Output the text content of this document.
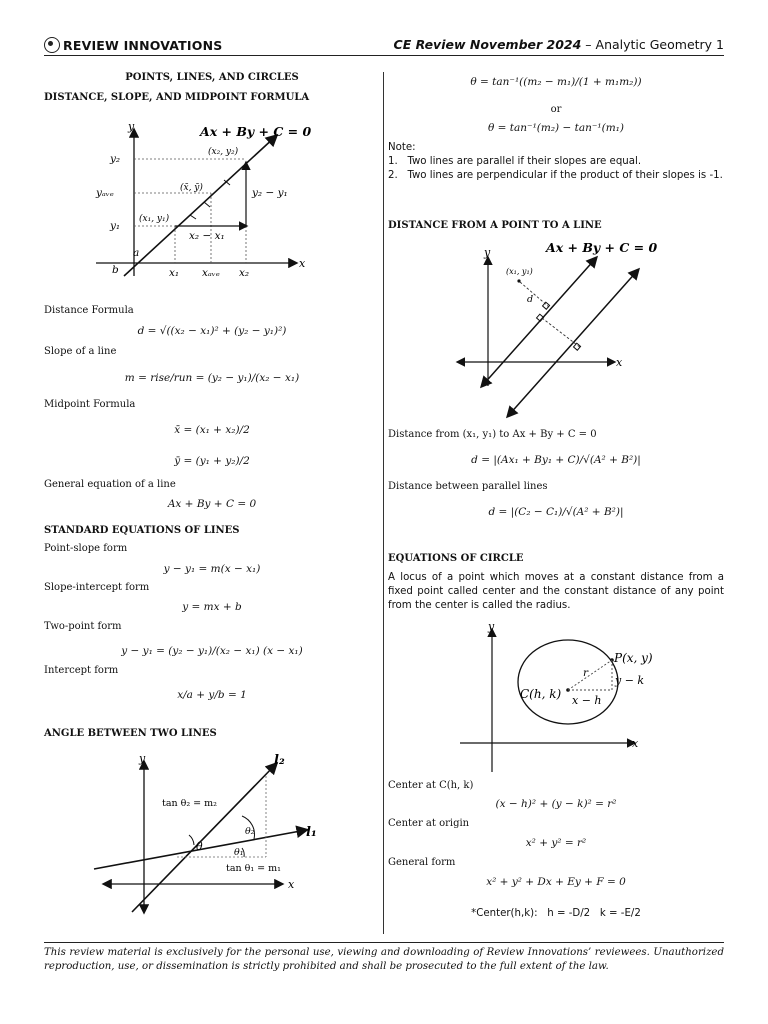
REVIEW INNOVATIONS	CE Review November 2024 – Analytic Geometry 1
POINTS, LINES, AND CIRCLES
DISTANCE, SLOPE, AND MIDPOINT FORMULA
Ax + By + C = 0
y
x
y₂
yₐᵥₑ
y₁
a
b	x₁ xₐᵥₑ x₂
(x₂, y₂)
(x̄, ȳ)
(x₁, y₁)
y₂ − y₁
x₂ − x₁
Distance Formula
d = √((x₂ − x₁)² + (y₂ − y₁)²)
Slope of a line
m = rise/run = (y₂ − y₁)/(x₂ − x₁)
Midpoint Formula
x̄ = (x₁ + x₂)/2
ȳ = (y₁ + y₂)/2
General equation of a line
Ax + By + C = 0
STANDARD EQUATIONS OF LINES
Point-slope form
y − y₁ = m(x − x₁)
Slope-intercept form
y = mx + b
Two-point form
y − y₁ = (y₂ − y₁)/(x₂ − x₁) (x − x₁)
Intercept form
x/a + y/b = 1
ANGLE BETWEEN TWO LINES
l₂
l₁
y
x
tan θ₂ = m₂
tan θ₁ = m₁
θ
θ₂
θ₁
θ = tan⁻¹((m₂ − m₁)/(1 + m₁m₂))
or
θ = tan⁻¹(m₂) − tan⁻¹(m₁)
Note:
1.   Two lines are parallel if their slopes are equal.
2.   Two lines are perpendicular if the product of their slopes is -1.
DISTANCE FROM A POINT TO A LINE
Ax + By + C = 0
y
x
(x₁, y₁)
d
Distance from (x₁, y₁) to Ax + By + C = 0
d = |(Ax₁ + By₁ + C)/√(A² + B²)|
Distance between parallel lines
d = |(C₂ − C₁)/√(A² + B²)|
EQUATIONS OF CIRCLE
A locus of a point which moves at a constant distance from a fixed point called center and the constant distance of any point from the center is called the radius.
y
x
P(x, y)
C(h, k)
r
x − h
y − k
Center at C(h, k)
(x − h)² + (y − k)² = r²
Center at origin
x² + y² = r²
General form
x² + y² + Dx + Ey + F = 0
*Center(h,k):   h = -D/2   k = -E/2
This review material is exclusively for the personal use, viewing and downloading of Review Innovations’ reviewees. Unauthorized reproduction, use, or dissemination is strictly prohibited and shall be prosecuted to the full extent of the law.
